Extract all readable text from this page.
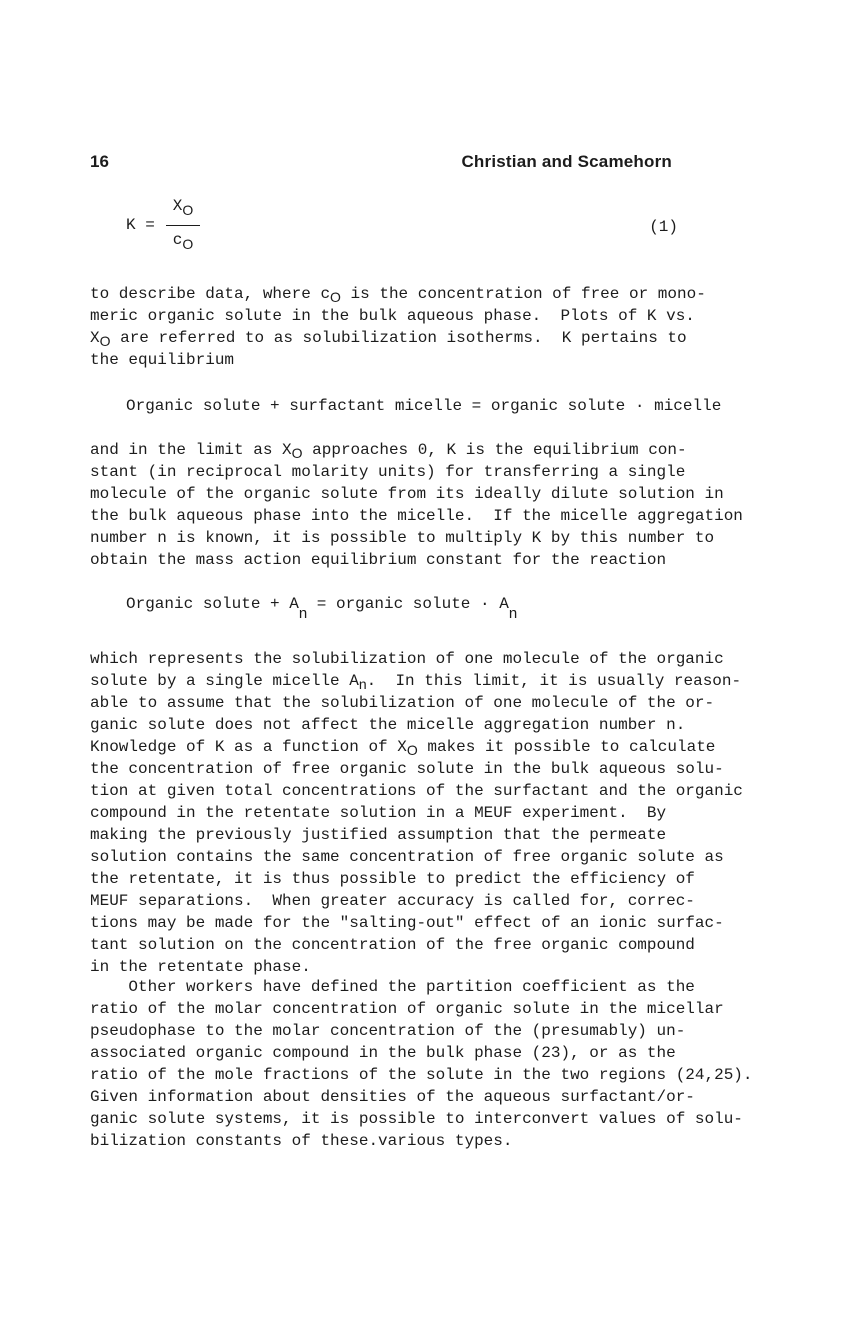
16	Christian and Scamehorn
K =
$X_O$
$c_O$
(1)
to describe data, where $c_O$ is the concentration of free or mono-
meric organic solute in the bulk aqueous phase.  Plots of K vs.
$X_O$ are referred to as solubilization isotherms.  K pertains to
the equilibrium
Organic solute + surfactant micelle = organic solute · micelle
and in the limit as $X_O$ approaches 0, K is the equilibrium con-
stant (in reciprocal molarity units) for transferring a single
molecule of the organic solute from its ideally dilute solution in
the bulk aqueous phase into the micelle.  If the micelle aggregation
number n is known, it is possible to multiply K by this number to
obtain the mass action equilibrium constant for the reaction
Organic solute + $A_n$ = organic solute · $A_n$
which represents the solubilization of one molecule of the organic
solute by a single micelle $A_n$.  In this limit, it is usually reason-
able to assume that the solubilization of one molecule of the or-
ganic solute does not affect the micelle aggregation number n.
Knowledge of K as a function of $X_O$ makes it possible to calculate
the concentration of free organic solute in the bulk aqueous solu-
tion at given total concentrations of the surfactant and the organic
compound in the retentate solution in a MEUF experiment.  By
making the previously justified assumption that the permeate
solution contains the same concentration of free organic solute as
the retentate, it is thus possible to predict the efficiency of
MEUF separations.  When greater accuracy is called for, correc-
tions may be made for the "salting-out" effect of an ionic surfac-
tant solution on the concentration of the free organic compound
in the retentate phase.
Other workers have defined the partition coefficient as the
ratio of the molar concentration of organic solute in the micellar
pseudophase to the molar concentration of the (presumably) un-
associated organic compound in the bulk phase (23), or as the
ratio of the mole fractions of the solute in the two regions (24,25).
Given information about densities of the aqueous surfactant/or-
ganic solute systems, it is possible to interconvert values of solu-
bilization constants of these.various types.
